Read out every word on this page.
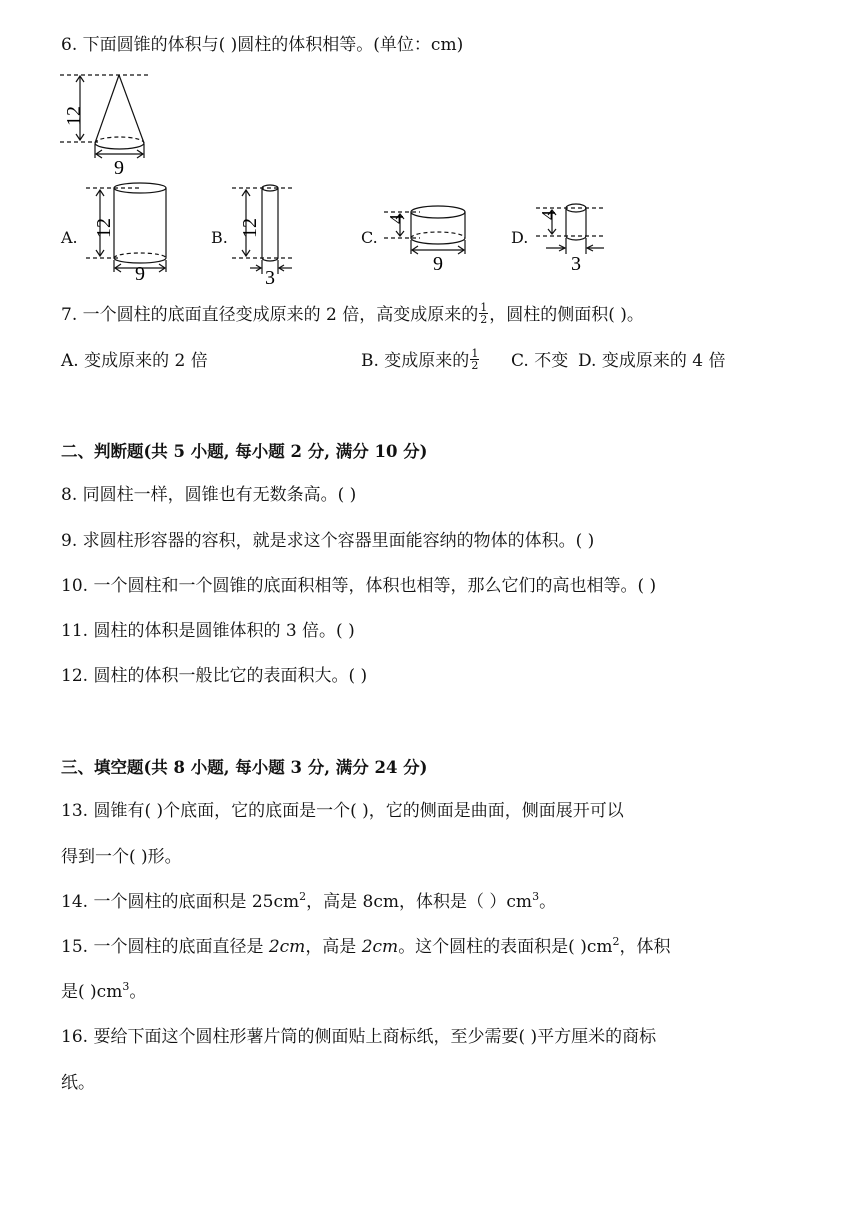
6. 下面圆锥的体积与( )圆柱的体积相等。(单位：cm)
12
9
A. 12
9
B. 12
3
C.
4
9
D.
4
3
7. 一个圆柱的底面直径变成原来的 2 倍，高变成原来的 $\frac{1}{2}$ ，圆柱的侧面积( )。
A. 变成原来的 2 倍	B. 变成原来的 $\frac{1}{2} C$. 不变 D. 变成原来的 4 倍
二、判断题(共 5 小题, 每小题 2 分, 满分 10 分)
8. 同圆柱一样，圆锥也有无数条高。( )
9. 求圆柱形容器的容积，就是求这个容器里面能容纳的物体的体积。( )
10. 一个圆柱和一个圆锥的底面积相等，体积也相等，那么它们的高也相等。( )
11. 圆柱的体积是圆锥体积的 3 倍。( )
12. 圆柱的体积一般比它的表面积大。( )
三、填空题(共 8 小题, 每小题 3 分, 满分 24 分)
13. 圆锥有( )个底面，它的底面是一个( )，它的侧面是曲面，侧面展开可以
得到一个( )形。
14. 一个圆柱的底面积是 $25cm^2$，高是 8cm，体积是（ ）$cm^3$。
15. 一个圆柱的底面直径是 2cm，高是 2cm。这个圆柱的表面积是( )$cm^2$，体积
是( )$cm^3$。
16. 要给下面这个圆柱形薯片筒的侧面贴上商标纸，至少需要( )平方厘米的商标
纸。
